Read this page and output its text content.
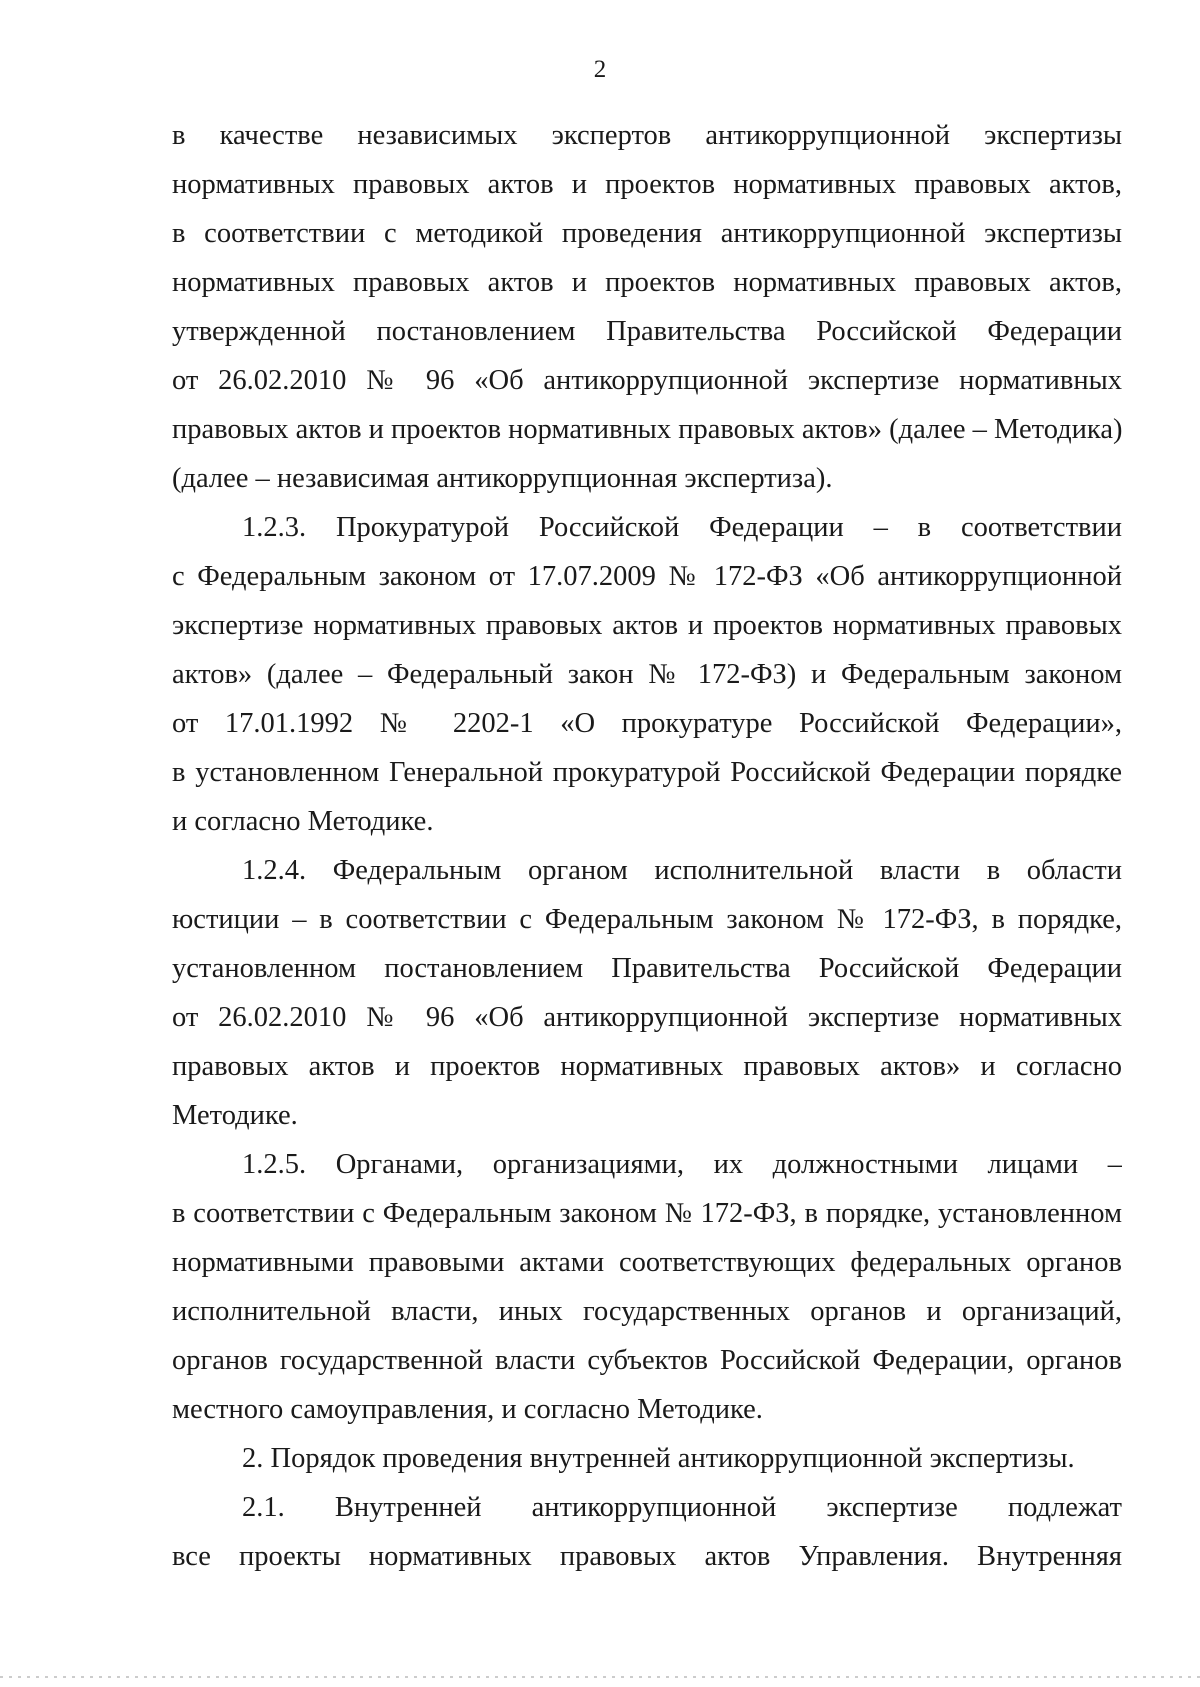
2
в качестве независимых экспертов антикоррупционной экспертизы
нормативных правовых актов и проектов нормативных правовых актов,
в соответствии с методикой проведения антикоррупционной экспертизы
нормативных правовых актов и проектов нормативных правовых актов,
утвержденной постановлением Правительства Российской Федерации
от 26.02.2010 № 96 «Об антикоррупционной экспертизе нормативных
правовых актов и проектов нормативных правовых актов» (далее – Методика)
(далее – независимая антикоррупционная экспертиза).
1.2.3. Прокуратурой Российской Федерации – в соответствии
с Федеральным законом от 17.07.2009 № 172-ФЗ «Об антикоррупционной
экспертизе нормативных правовых актов и проектов нормативных правовых
актов» (далее – Федеральный закон № 172-ФЗ) и Федеральным законом
от 17.01.1992 № 2202-1 «О прокуратуре Российской Федерации»,
в установленном Генеральной прокуратурой Российской Федерации порядке
и согласно Методике.
1.2.4. Федеральным органом исполнительной власти в области
юстиции – в соответствии с Федеральным законом № 172-ФЗ, в порядке,
установленном постановлением Правительства Российской Федерации
от 26.02.2010 № 96 «Об антикоррупционной экспертизе нормативных
правовых актов и проектов нормативных правовых актов» и согласно
Методике.
1.2.5. Органами, организациями, их должностными лицами –
в соответствии с Федеральным законом № 172-ФЗ, в порядке, установленном
нормативными правовыми актами соответствующих федеральных органов
исполнительной власти, иных государственных органов и организаций,
органов государственной власти субъектов Российской Федерации, органов
местного самоуправления, и согласно Методике.
2. Порядок проведения внутренней антикоррупционной экспертизы.
2.1. Внутренней антикоррупционной экспертизе подлежат
все проекты нормативных правовых актов Управления. Внутренняя
